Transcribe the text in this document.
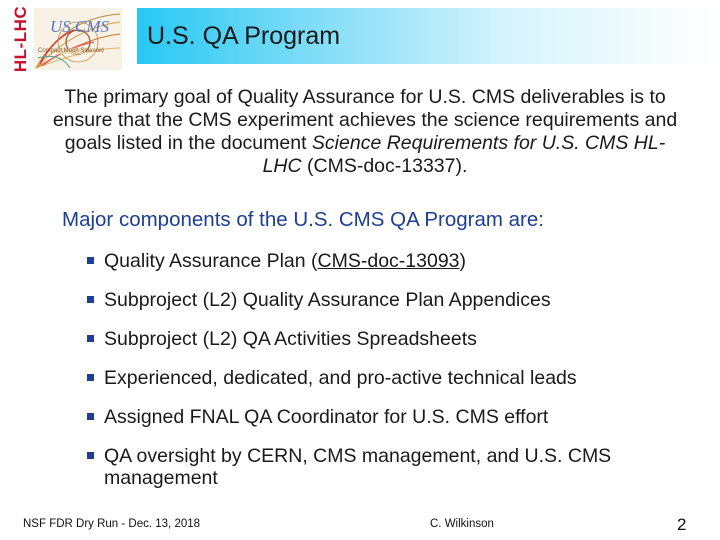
HL-LHC Compact Muon Solenoid
US CMS U.S. QA Program
The primary goal of Quality Assurance for U.S. CMS deliverables is to ensure that the CMS experiment achieves the science requirements and goals listed in the document Science Requirements for U.S. CMS HL-LHC (CMS-doc-13337).
Major components of the U.S. CMS QA Program are:
Quality Assurance Plan (CMS-doc-13093)
Subproject (L2) Quality Assurance Plan Appendices
Subproject (L2) QA Activities Spreadsheets
Experienced, dedicated, and pro-active technical leads
Assigned FNAL QA Coordinator for U.S. CMS effort
QA oversight by CERN, CMS management, and U.S. CMS management
NSF FDR Dry Run - Dec. 13, 2018	C. Wilkinson	2
